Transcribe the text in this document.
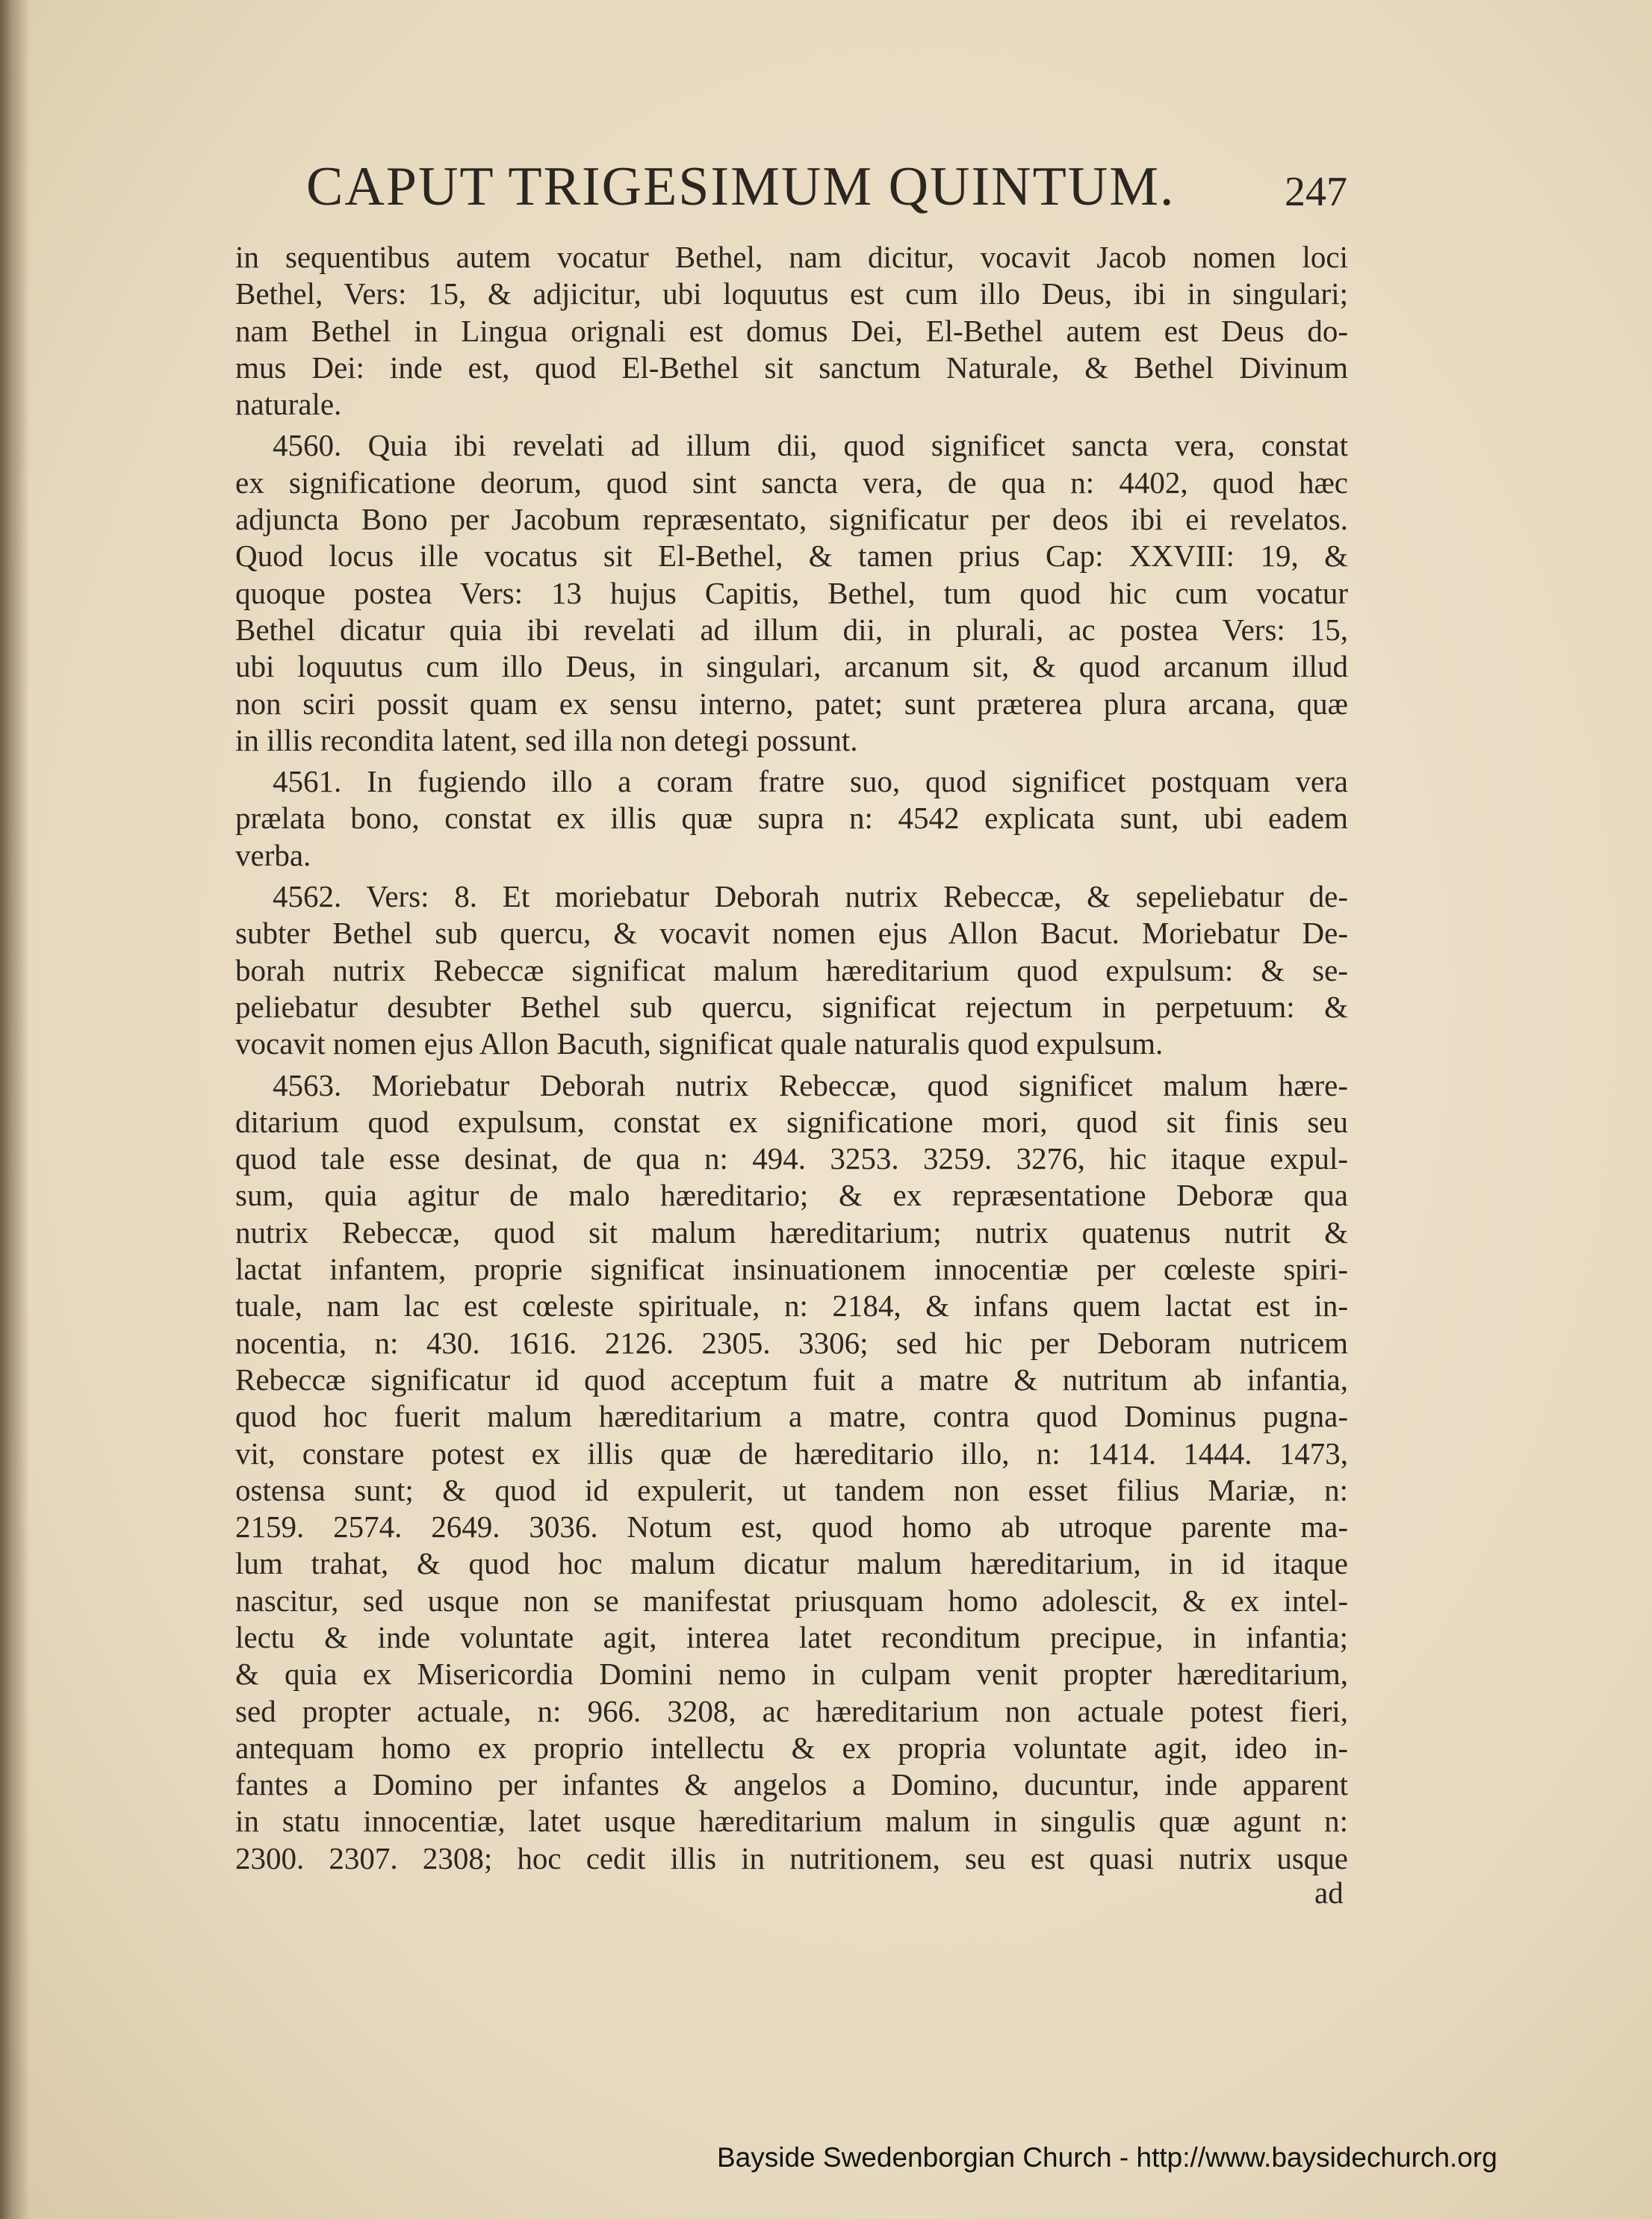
CAPUT TRIGESIMUM QUINTUM.	247
in sequentibus autem vocatur Bethel, nam dicitur, vocavit Jacob nomen loci
Bethel, Vers: 15, & adjicitur, ubi loquutus est cum illo Deus, ibi in singulari;
nam Bethel in Lingua orignali est domus Dei, El-Bethel autem est Deus do-
mus Dei: inde est, quod El-Bethel sit sanctum Naturale, & Bethel Divinum
naturale.
4560. Quia ibi revelati ad illum dii, quod significet sancta vera, constat
ex significatione deorum, quod sint sancta vera, de qua n: 4402, quod hæc
adjuncta Bono per Jacobum repræsentato, significatur per deos ibi ei revelatos.
Quod locus ille vocatus sit El-Bethel, & tamen prius Cap: XXVIII: 19, &
quoque postea Vers: 13 hujus Capitis, Bethel, tum quod hic cum vocatur
Bethel dicatur quia ibi revelati ad illum dii, in plurali, ac postea Vers: 15,
ubi loquutus cum illo Deus, in singulari, arcanum sit, & quod arcanum illud
non sciri possit quam ex sensu interno, patet; sunt præterea plura arcana, quæ
in illis recondita latent, sed illa non detegi possunt.
4561. In fugiendo illo a coram fratre suo, quod significet postquam vera
prælata bono, constat ex illis quæ supra n: 4542 explicata sunt, ubi eadem
verba.
4562. Vers: 8. Et moriebatur Deborah nutrix Rebeccæ, & sepeliebatur de-
subter Bethel sub quercu, & vocavit nomen ejus Allon Bacut. Moriebatur De-
borah nutrix Rebeccæ significat malum hæreditarium quod expulsum: & se-
peliebatur desubter Bethel sub quercu, significat rejectum in perpetuum: &
vocavit nomen ejus Allon Bacuth, significat quale naturalis quod expulsum.
4563. Moriebatur Deborah nutrix Rebeccæ, quod significet malum hære-
ditarium quod expulsum, constat ex significatione mori, quod sit finis seu
quod tale esse desinat, de qua n: 494. 3253. 3259. 3276, hic itaque expul-
sum, quia agitur de malo hæreditario; & ex repræsentatione Deboræ qua
nutrix Rebeccæ, quod sit malum hæreditarium; nutrix quatenus nutrit &
lactat infantem, proprie significat insinuationem innocentiæ per cœleste spiri-
tuale, nam lac est cœleste spirituale, n: 2184, & infans quem lactat est in-
nocentia, n: 430. 1616. 2126. 2305. 3306; sed hic per Deboram nutricem
Rebeccæ significatur id quod acceptum fuit a matre & nutritum ab infantia,
quod hoc fuerit malum hæreditarium a matre, contra quod Dominus pugna-
vit, constare potest ex illis quæ de hæreditario illo, n: 1414. 1444. 1473,
ostensa sunt; & quod id expulerit, ut tandem non esset filius Mariæ, n:
2159. 2574. 2649. 3036. Notum est, quod homo ab utroque parente ma-
lum trahat, & quod hoc malum dicatur malum hæreditarium, in id itaque
nascitur, sed usque non se manifestat priusquam homo adolescit, & ex intel-
lectu & inde voluntate agit, interea latet reconditum precipue, in infantia;
& quia ex Misericordia Domini nemo in culpam venit propter hæreditarium,
sed propter actuale, n: 966. 3208, ac hæreditarium non actuale potest fieri,
antequam homo ex proprio intellectu & ex propria voluntate agit, ideo in-
fantes a Domino per infantes & angelos a Domino, ducuntur, inde apparent
in statu innocentiæ, latet usque hæreditarium malum in singulis quæ agunt n:
2300. 2307. 2308; hoc cedit illis in nutritionem, seu est quasi nutrix usque
ad
Bayside Swedenborgian Church - http://www.baysidechurch.org
